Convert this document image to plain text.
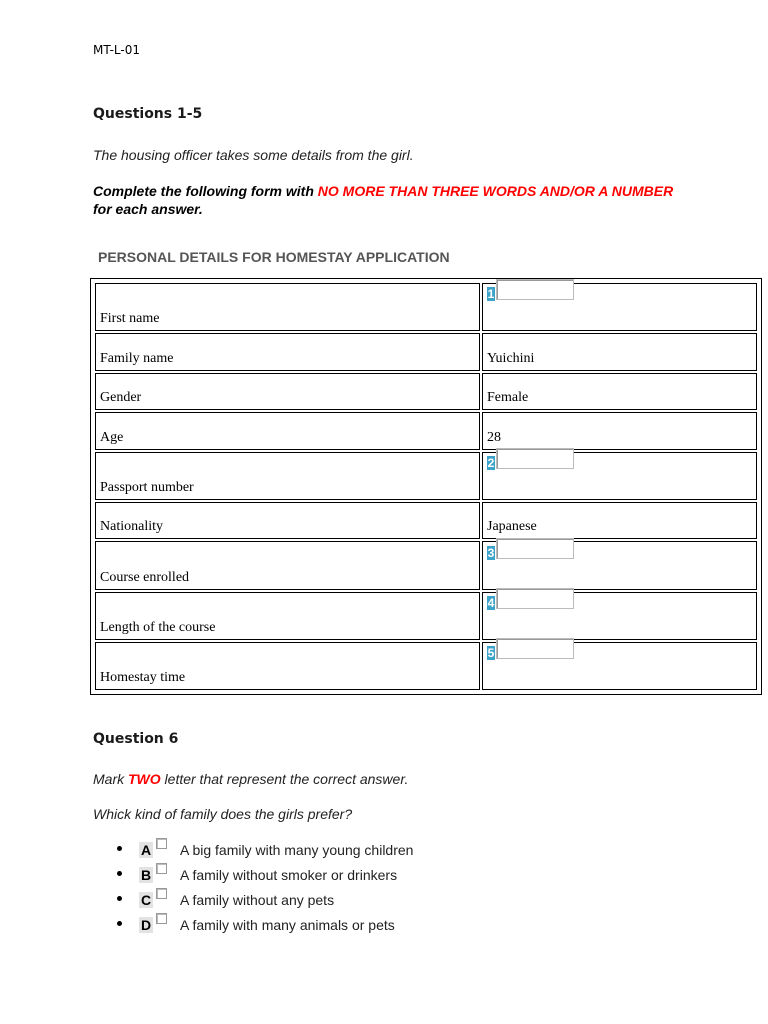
MT-L-01
Questions 1-5
The housing officer takes some details from the girl.
Complete the following form with NO MORE THAN THREE WORDS AND/OR A NUMBER for each answer.
PERSONAL DETAILS FOR HOMESTAY APPLICATION
First name	1
Family name	Yuichini
Gender	Female
Age	28
Passport number	2
Nationality	Japanese
Course enrolled	3
Length of the course	4
Homestay time	5
Question 6
Mark TWO letter that represent the correct answer.
Whick kind of family does the girls prefer?
A A big family with many young children
B A family without smoker or drinkers
C A family without any pets
D A family with many animals or pets
